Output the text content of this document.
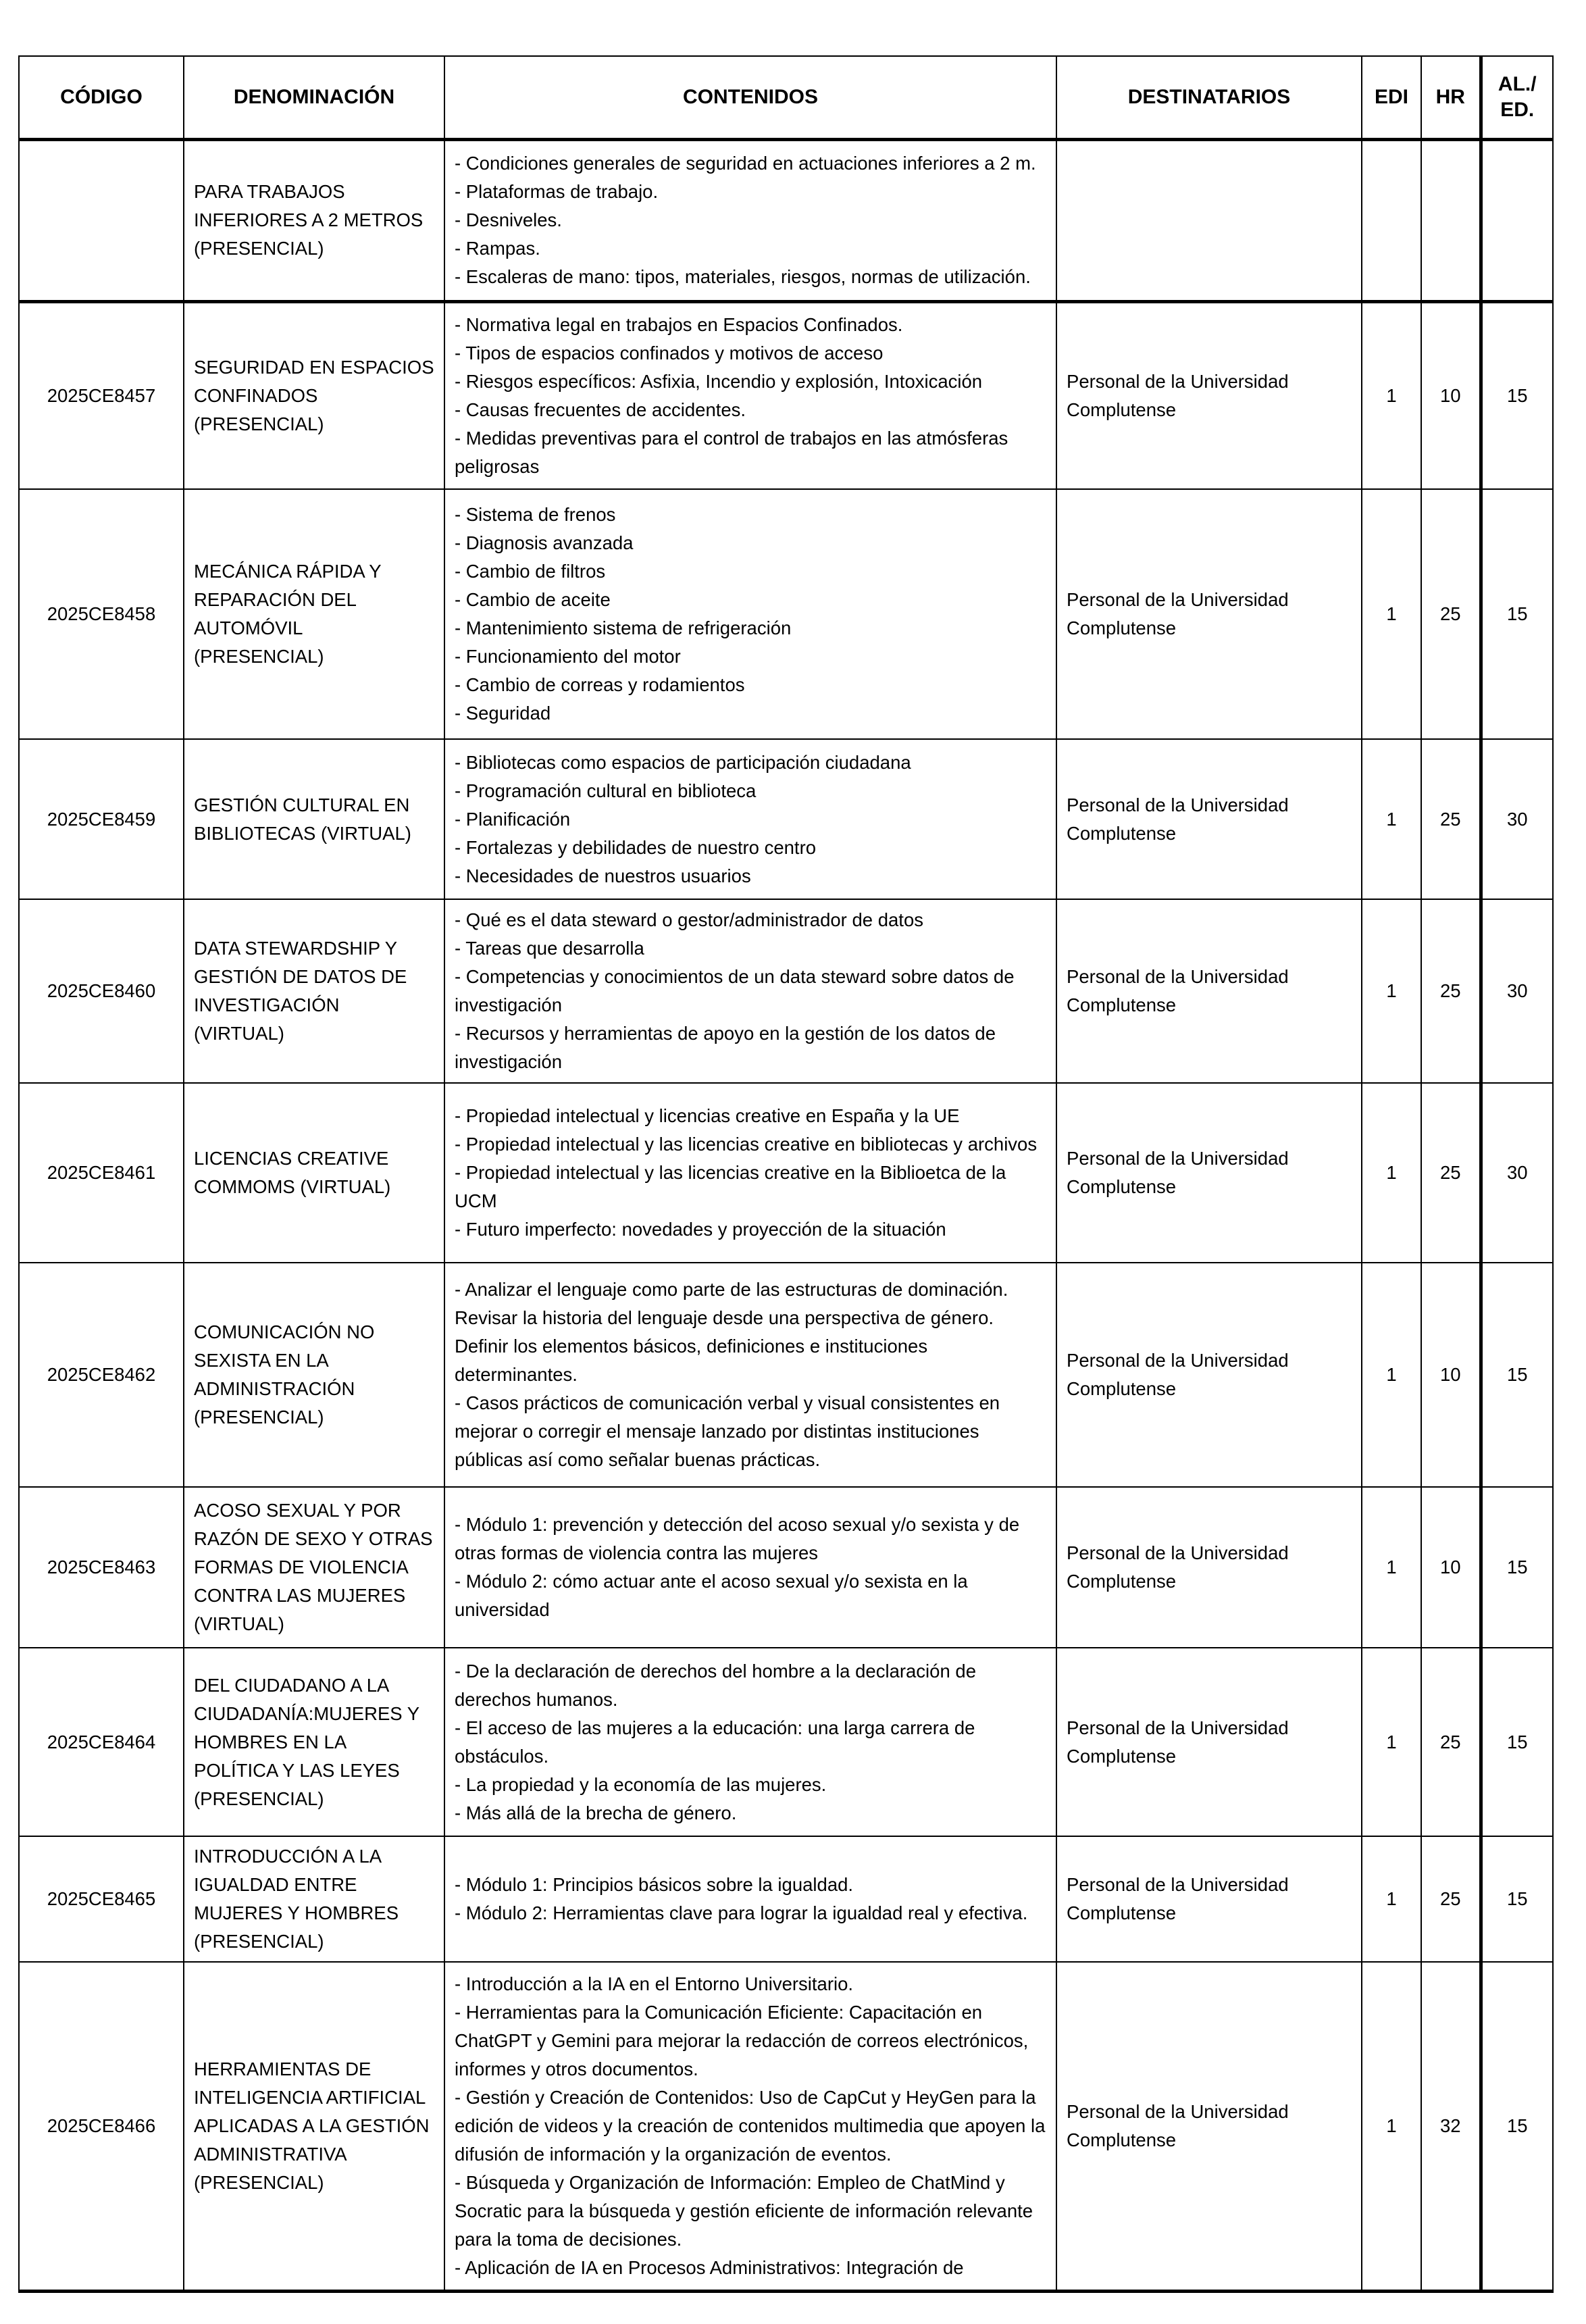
CÓDIGO	DENOMINACIÓN	CONTENIDOS	DESTINATARIOS	EDI	HR	AL./ ED.
	PARA TRABAJOS INFERIORES A 2 METROS (PRESENCIAL)	- Condiciones generales de seguridad en actuaciones inferiores a 2 m.
- Plataformas de trabajo.
- Desniveles.
- Rampas.
- Escaleras de mano: tipos, materiales, riesgos, normas de utilización.				

2025CE8457	SEGURIDAD EN ESPACIOS CONFINADOS (PRESENCIAL)	- Normativa legal en trabajos en Espacios Confinados.
- Tipos de espacios confinados y motivos de acceso
- Riesgos específicos: Asfixia, Incendio y explosión, Intoxicación
- Causas frecuentes de accidentes.
- Medidas preventivas para el control de trabajos en las atmósferas peligrosas	Personal de la Universidad Complutense	1	10	15
2025CE8458	MECÁNICA RÁPIDA Y REPARACIÓN DEL AUTOMÓVIL (PRESENCIAL)	
- Sistema de frenos
- Diagnosis avanzada
- Cambio de filtros
- Cambio de aceite
- Mantenimiento sistema de refrigeración
- Funcionamiento del motor
- Cambio de correas y rodamientos
- Seguridad
	Personal de la Universidad Complutense	1	25	15
2025CE8459	GESTIÓN CULTURAL EN BIBLIOTECAS (VIRTUAL)	- Bibliotecas como espacios de participación ciudadana
- Programación cultural en biblioteca
- Planificación
- Fortalezas y debilidades de nuestro centro
- Necesidades de nuestros usuarios	Personal de la Universidad Complutense	1	25	30
2025CE8460	DATA STEWARDSHIP Y GESTIÓN DE DATOS DE INVESTIGACIÓN (VIRTUAL)	- Qué es el data steward o gestor/administrador de datos
- Tareas que desarrolla
- Competencias y conocimientos de un data steward sobre datos de investigación
- Recursos y herramientas de apoyo en la gestión de los datos de investigación	Personal de la Universidad Complutense	1	25	30
2025CE8461	LICENCIAS CREATIVE COMMOMS (VIRTUAL)	- Propiedad intelectual y licencias creative en España y la UE
- Propiedad intelectual y las licencias creative en bibliotecas y archivos
- Propiedad intelectual y las licencias creative en la Biblioetca de la UCM
- Futuro imperfecto: novedades y proyección de la situación	Personal de la Universidad Complutense	1	25	30
2025CE8462	COMUNICACIÓN NO SEXISTA EN LA ADMINISTRACIÓN (PRESENCIAL)	- Analizar el lenguaje como parte de las estructuras de dominación. Revisar la historia del lenguaje desde una perspectiva de género. Definir los elementos básicos, definiciones e instituciones determinantes.
- Casos prácticos de comunicación verbal y visual consistentes en mejorar o corregir el mensaje lanzado por distintas instituciones públicas así como señalar buenas prácticas.	Personal de la Universidad Complutense	1	10	15
2025CE8463	ACOSO SEXUAL Y POR RAZÓN DE SEXO Y OTRAS FORMAS DE VIOLENCIA CONTRA LAS MUJERES (VIRTUAL)	- Módulo 1: prevención y detección del acoso sexual y/o sexista y de otras formas de violencia contra las mujeres
- Módulo 2: cómo actuar ante el acoso sexual y/o sexista en la universidad	Personal de la Universidad Complutense	1	10	15
2025CE8464	DEL CIUDADANO A LA CIUDADANÍA:MUJERES Y HOMBRES EN LA POLÍTICA Y LAS LEYES (PRESENCIAL)	- De la declaración de derechos del hombre a la declaración de derechos humanos.
- El acceso de las mujeres a la educación: una larga carrera de obstáculos.
- La propiedad y la economía de las mujeres.
- Más allá de la brecha de género.	Personal de la Universidad Complutense	1	25	15
2025CE8465	INTRODUCCIÓN A LA IGUALDAD ENTRE MUJERES Y HOMBRES (PRESENCIAL)	- Módulo 1: Principios básicos sobre la igualdad.
- Módulo 2: Herramientas clave para lograr la igualdad real y efectiva.	Personal de la Universidad Complutense	1	25	15
2025CE8466	HERRAMIENTAS DE INTELIGENCIA ARTIFICIAL APLICADAS A LA GESTIÓN ADMINISTRATIVA (PRESENCIAL)	- Introducción a la IA en el Entorno Universitario.
- Herramientas para la Comunicación Eficiente: Capacitación en ChatGPT y Gemini para mejorar la redacción de correos electrónicos, informes y otros documentos.
- Gestión y Creación de Contenidos: Uso de CapCut y HeyGen para la edición de videos y la creación de contenidos multimedia que apoyen la difusión de información y la organización de eventos.
- Búsqueda y Organización de Información: Empleo de ChatMind y Socratic para la búsqueda y gestión eficiente de información relevante para la toma de decisiones.
- Aplicación de IA en Procesos Administrativos: Integración de	Personal de la Universidad Complutense	1	32	15
